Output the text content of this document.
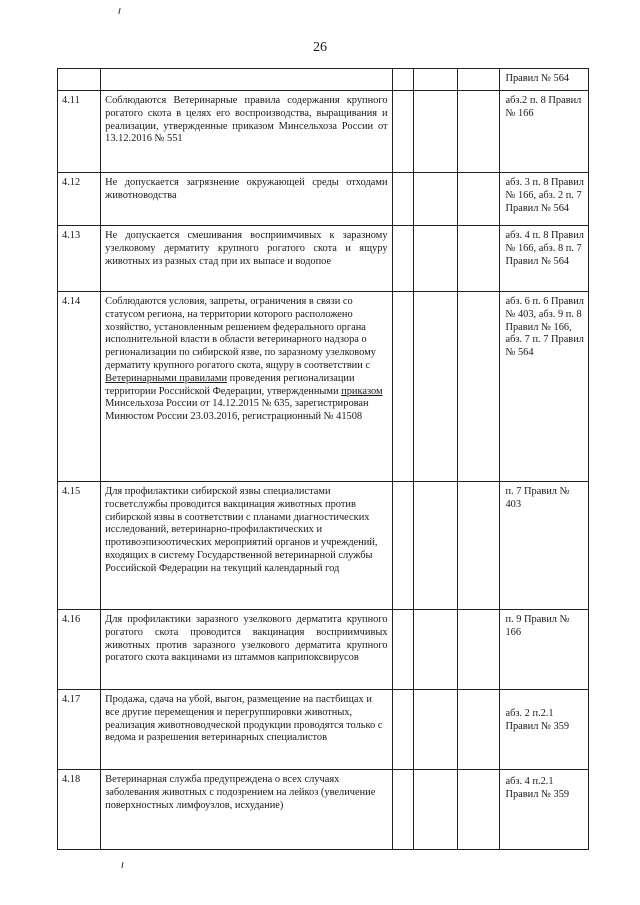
26
					Правил № 564
4.11	Соблюдаются Ветеринарные правила содержания крупного рогатого скота в целях его воспроизводства, выращивания и реализации, утвержденные приказом Минсельхоза России от 13.12.2016 № 551				абз.2 п. 8 Правил № 166
4.12	Не допускается загрязнение окружающей среды отходами животноводства				абз. 3 п. 8 Правил № 166, абз. 2 п. 7 Правил № 564
4.13	Не допускается смешивания восприимчивых к заразному узелковому дерматиту крупного рогатого скота и ящуру животных из разных стад при их выпасе и водопое				абз. 4 п. 8 Правил № 166, абз. 8 п. 7 Правил № 564
4.14	Соблюдаются условия, запреты, ограничения в связи со статусом региона, на территории которого расположено хозяйство, установленным решением федерального органа исполнительной власти в области ветеринарного надзора о регионализации по сибирской язве, по заразному узелковому дерматиту крупного рогатого скота, ящуру в соответствии с Ветеринарными правилами проведения регионализации территории Российской Федерации, утвержденными приказом Минсельхоза России от 14.12.2015 № 635, зарегистрирован Минюстом России 23.03.2016, регистрационный № 41508				абз. 6 п. 6 Правил № 403, абз. 9 п. 8 Правил № 166, абз. 7 п. 7 Правил № 564
4.15	Для профилактики сибирской язвы специалистами госветслужбы проводится вакцинация животных против сибирской язвы в соответствии с планами диагностических исследований, ветеринарно-профилактических и противоэпизоотических мероприятий органов и учреждений, входящих в систему Государственной ветеринарной службы Российской Федерации на текущий календарный год				п. 7 Правил № 403
4.16	Для профилактики заразного узелкового дерматита крупного рогатого скота проводится вакцинация восприимчивых животных против заразного узелкового дерматита крупного рогатого скота вакцинами из штаммов каприпоксвирусов				п. 9 Правил № 166
4.17	Продажа, сдача на убой, выгон, размещение на пастбищах и все другие перемещения и перегруппировки животных, реализация животноводческой продукции проводятся только с ведома и разрешения ветеринарных специалистов				абз. 2 п.2.1 Правил № 359
4.18	Ветеринарная служба предупреждена о всех случаях заболевания животных с подозрением на лейкоз (увеличение поверхностных лимфоузлов, исхудание)				абз. 4 п.2.1 Правил № 359
